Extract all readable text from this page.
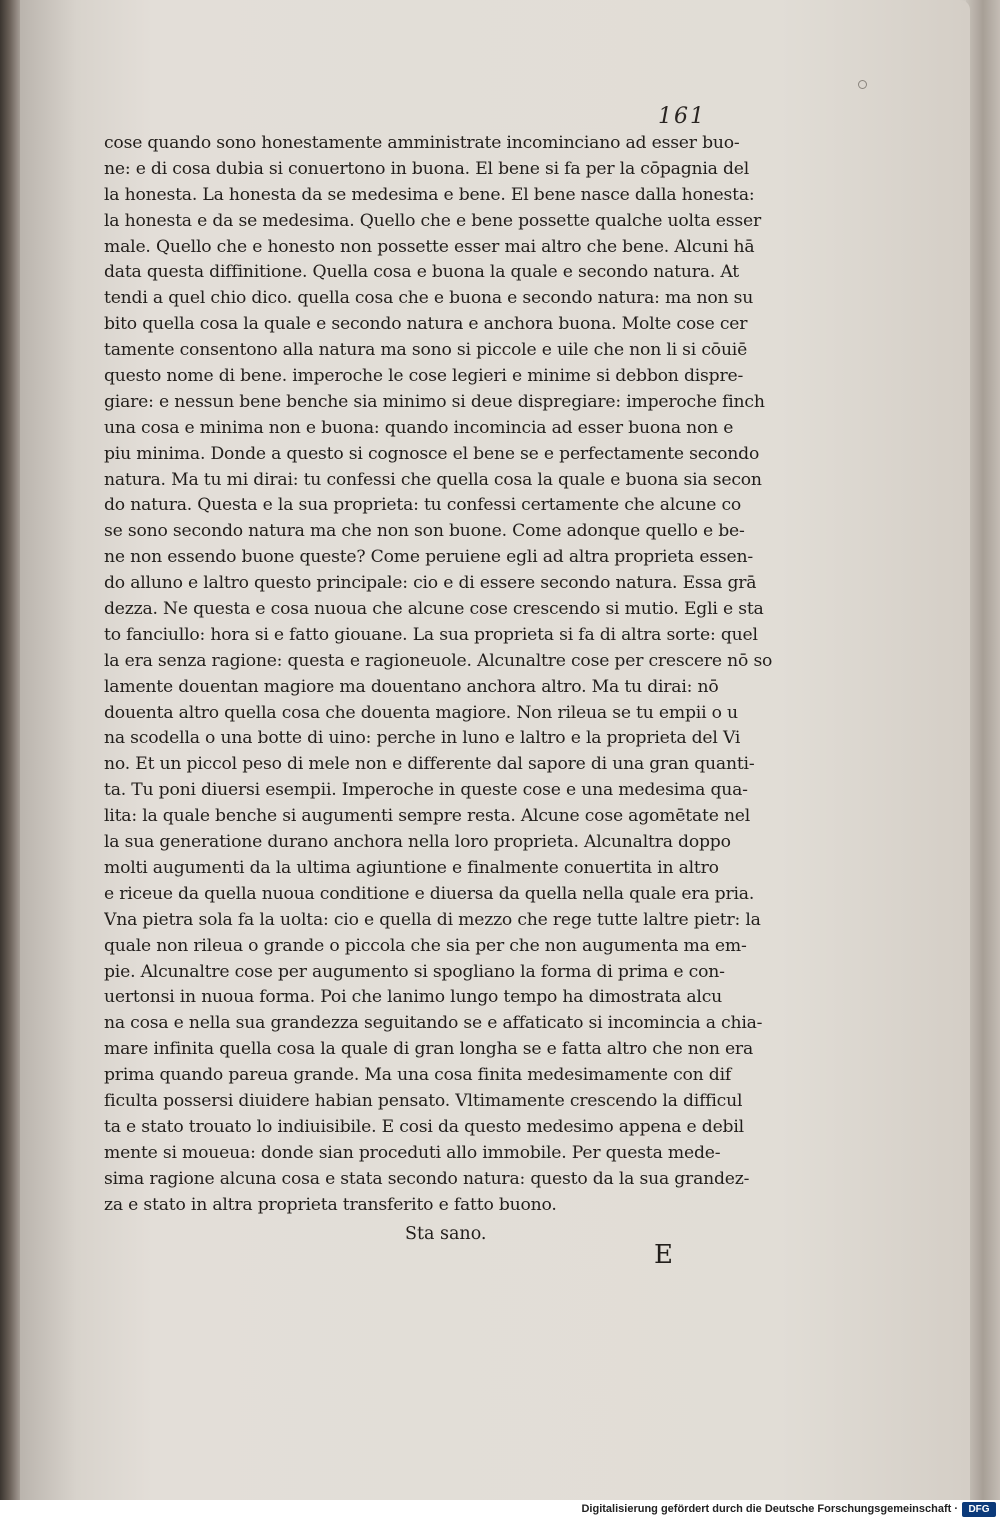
161
cose quando sono honestamente amministrate incominciano ad esser buo-
ne: e di cosa dubia si conuertono in buona. El bene si fa per la cōpagnia del
la honesta. La honesta da se medesima e bene. El bene nasce dalla honesta:
la honesta e da se medesima. Quello che e bene possette qualche uolta esser
male. Quello che e honesto non possette esser mai altro che bene. Alcuni hā
data questa diffinitione. Quella cosa e buona la quale e secondo natura. At
tendi a quel chio dico. quella cosa che e buona e secondo natura: ma non su
bito quella cosa la quale e secondo natura e anchora buona. Molte cose cer
tamente consentono alla natura ma sono si piccole e uile che non li si cōuiē
questo nome di bene. imperoche le cose legieri e minime si debbon dispre-
giare: e nessun bene benche sia minimo si deue dispregiare: imperoche finch
una cosa e minima non e buona: quando incomincia ad esser buona non e
piu minima. Donde a questo si cognosce el bene se e perfectamente secondo
natura. Ma tu mi dirai: tu confessi che quella cosa la quale e buona sia secon
do natura. Questa e la sua proprieta: tu confessi certamente che alcune co
se sono secondo natura ma che non son buone. Come adonque quello e be-
ne non essendo buone queste? Come peruiene egli ad altra proprieta essen-
do alluno e laltro questo principale: cio e di essere secondo natura. Essa grā
dezza. Ne questa e cosa nuoua che alcune cose crescendo si mutio. Egli e sta
to fanciullo: hora si e fatto giouane. La sua proprieta si fa di altra sorte: quel
la era senza ragione: questa e ragioneuole. Alcunaltre cose per crescere nō so
lamente douentan magiore ma douentano anchora altro. Ma tu dirai: nō
douenta altro quella cosa che douenta magiore. Non rileua se tu empii o u
na scodella o una botte di uino: perche in luno e laltro e la proprieta del Vi
no. Et un piccol peso di mele non e differente dal sapore di una gran quanti-
ta. Tu poni diuersi esempii. Imperoche in queste cose e una medesima qua-
lita: la quale benche si augumenti sempre resta. Alcune cose agomētate nel
la sua generatione durano anchora nella loro proprieta. Alcunaltra doppo
molti augumenti da la ultima agiuntione e finalmente conuertita in altro
e riceue da quella nuoua conditione e diuersa da quella nella quale era pria.
Vna pietra sola fa la uolta: cio e quella di mezzo che rege tutte laltre pietr: la
quale non rileua o grande o piccola che sia per che non augumenta ma em-
pie. Alcunaltre cose per augumento si spogliano la forma di prima e con-
uertonsi in nuoua forma. Poi che lanimo lungo tempo ha dimostrata alcu
na cosa e nella sua grandezza seguitando se e affaticato si incomincia a chia-
mare infinita quella cosa la quale di gran longha se e fatta altro che non era
prima quando pareua grande. Ma una cosa finita medesimamente con dif
ficulta possersi diuidere habian pensato. Vltimamente crescendo la difficul
ta e stato trouato lo indiuisibile. E cosi da questo medesimo appena e debil
mente si moueua: donde sian proceduti allo immobile. Per questa mede-
sima ragione alcuna cosa e stata secondo natura: questo da la sua grandez-
za e stato in altra proprieta transferito e fatto buono.
Sta sano.
E
Digitalisierung gefördert durch die Deutsche Forschungsgemeinschaft ·	DFG
